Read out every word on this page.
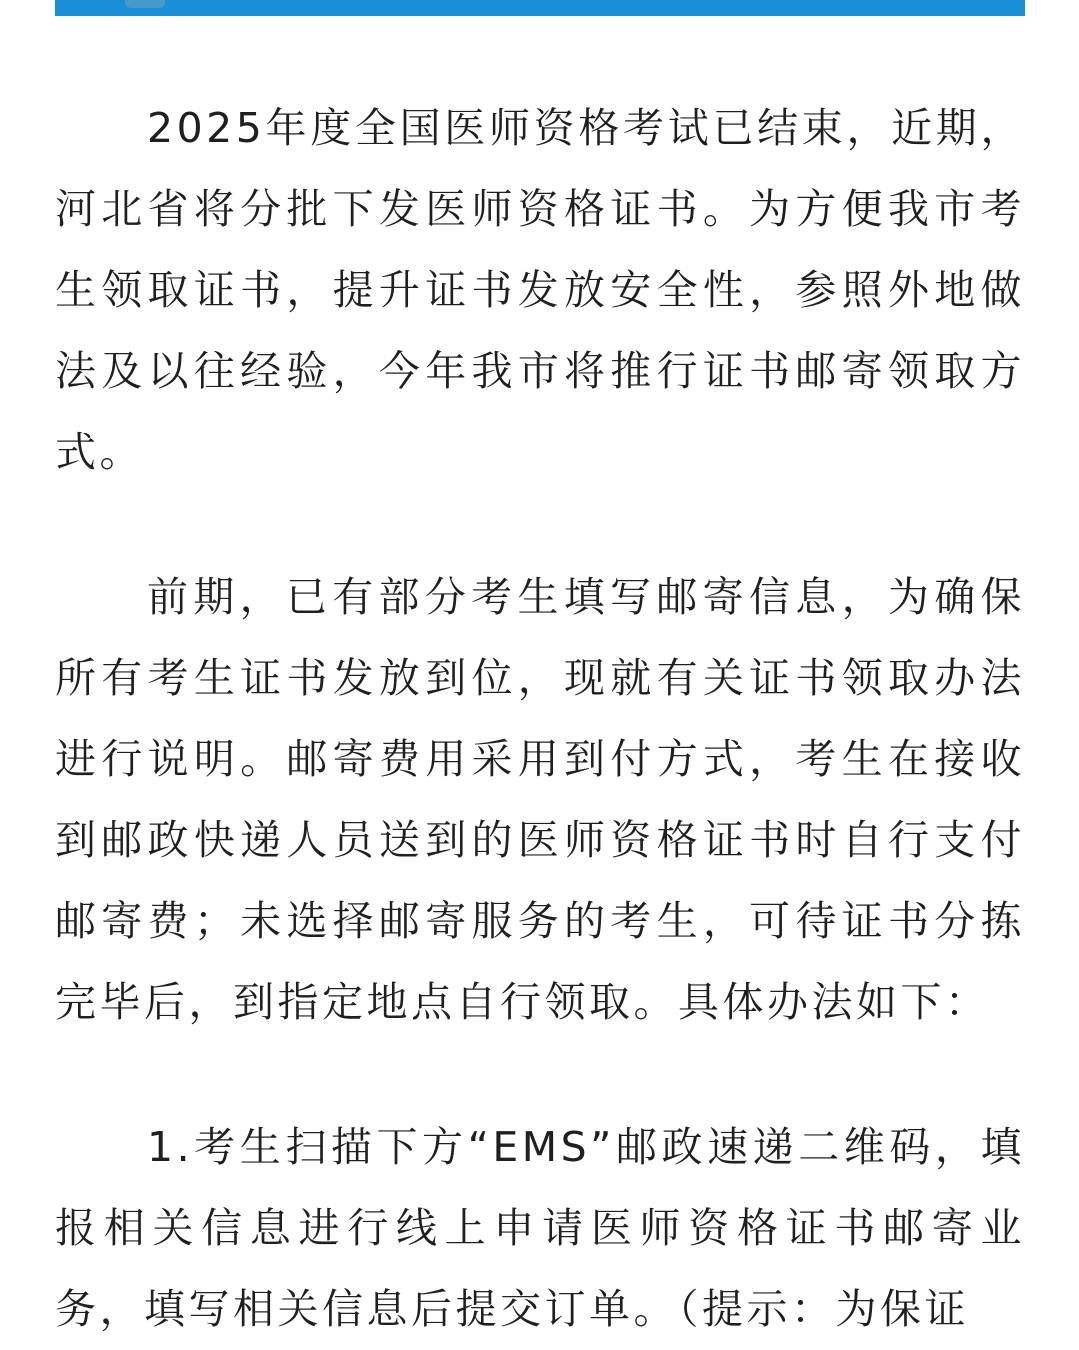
2025年度全国医师资格考试已结束，近期，河北省将分批下发医师资格证书。为方便我市考生领取证书，提升证书发放安全性，参照外地做法及以往经验，今年我市将推行证书邮寄领取方式。

前期，已有部分考生填写邮寄信息，为确保所有考生证书发放到位，现就有关证书领取办法进行说明。邮寄费用采用到付方式，考生在接收到邮政快递人员送到的医师资格证书时自行支付邮寄费；未选择邮寄服务的考生，可待证书分拣完毕后，到指定地点自行领取。具体办法如下：

1.考生扫描下方“EMS”邮政速递二维码，填报相关信息进行线上申请医师资格证书邮寄业务，填写相关信息后提交订单。（提示：为保证
